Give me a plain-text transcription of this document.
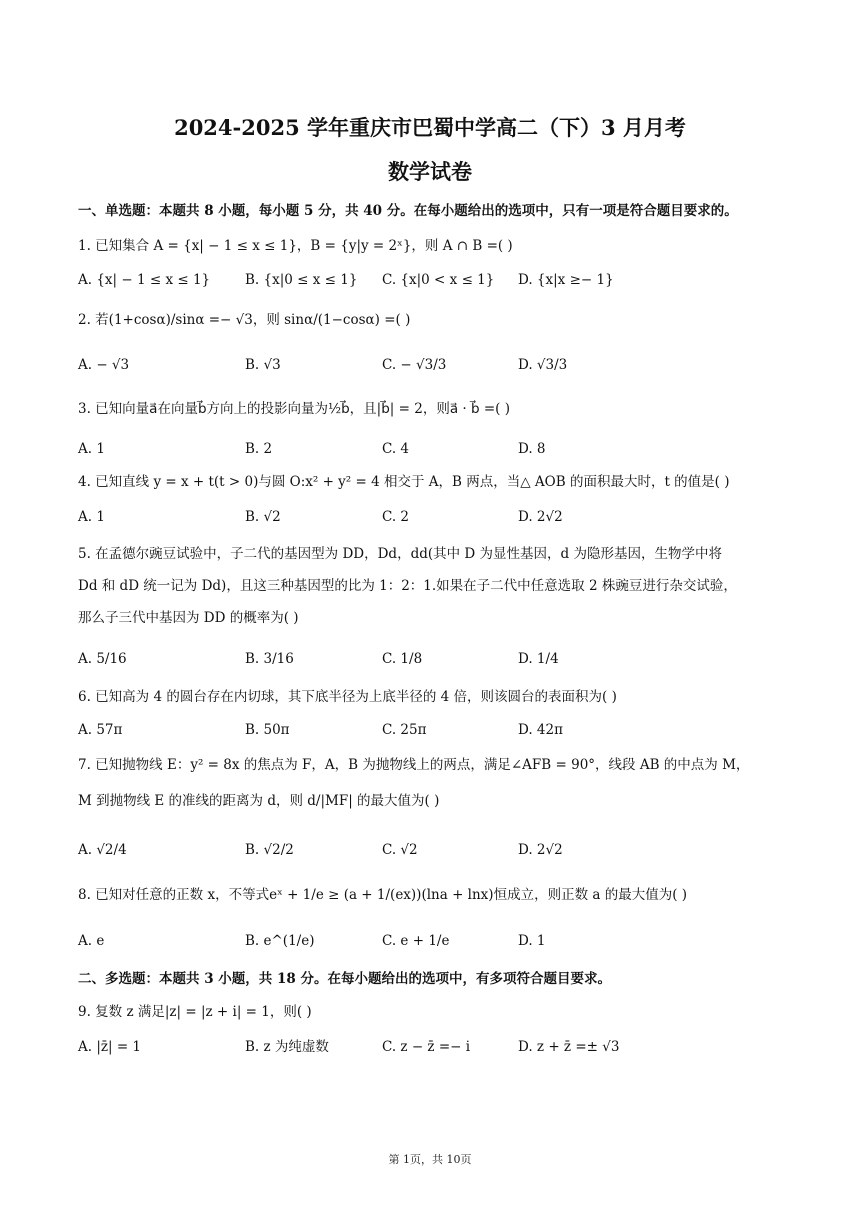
2024-2025 学年重庆市巴蜀中学高二（下）3 月月考
数学试卷
一、单选题：本题共 8 小题，每小题 5 分，共 40 分。在每小题给出的选项中，只有一项是符合题目要求的。
1. 已知集合 A = {x| − 1 ≤ x ≤ 1}，B = {y|y = 2ˣ}，则 A ∩ B =( )
A. {x| − 1 ≤ x ≤ 1}	B. {x|0 ≤ x ≤ 1} C. {x|0 < x ≤ 1} D. {x|x ≥− 1}
2. 若(1+cosα)/sinα =− √3，则 sinα/(1−cosα) =( )
A. − √3	B. √3	C. − √3/3	D. √3/3
3. 已知向量a⃗在向量b⃗方向上的投影向量为½b⃗，且|b⃗| = 2，则a⃗ · b⃗ =( )
A. 1	B. 2	C. 4	D. 8
4. 已知直线 y = x + t(t > 0)与圆 O:x² + y² = 4 相交于 A，B 两点，当△ AOB 的面积最大时，t 的值是( )
A. 1	B. √2	C. 2	D. 2√2
5. 在孟德尔豌豆试验中，子二代的基因型为 DD，Dd，dd(其中 D 为显性基因，d 为隐形基因，生物学中将
Dd 和 dD 统一记为 Dd)，且这三种基因型的比为 1：2：1.如果在子二代中任意选取 2 株豌豆进行杂交试验，
那么子三代中基因为 DD 的概率为( )
A. 5/16	B. 3/16	C. 1/8	D. 1/4
6. 已知高为 4 的圆台存在内切球，其下底半径为上底半径的 4 倍，则该圆台的表面积为( )
A. 57π	B. 50π	C. 25π	D. 42π
7. 已知抛物线 E：y² = 8x 的焦点为 F，A，B 为抛物线上的两点，满足∠AFB = 90°，线段 AB 的中点为 M，
M 到抛物线 E 的准线的距离为 d，则 d/|MF| 的最大值为( )
A. √2/4	B. √2/2	C. √2	D. 2√2
8. 已知对任意的正数 x，不等式eˣ + 1/e ≥ (a + 1/(ex))(lna + lnx)恒成立，则正数 a 的最大值为( )
A. e	B. e^(1/e)	C. e + 1/e	D. 1
二、多选题：本题共 3 小题，共 18 分。在每小题给出的选项中，有多项符合题目要求。
9. 复数 z 满足|z| = |z + i| = 1，则( )
A. |z̄| = 1	B. z 为纯虚数	C. z − z̄ =− i	D. z + z̄ =± √3
第 1页，共 10页
